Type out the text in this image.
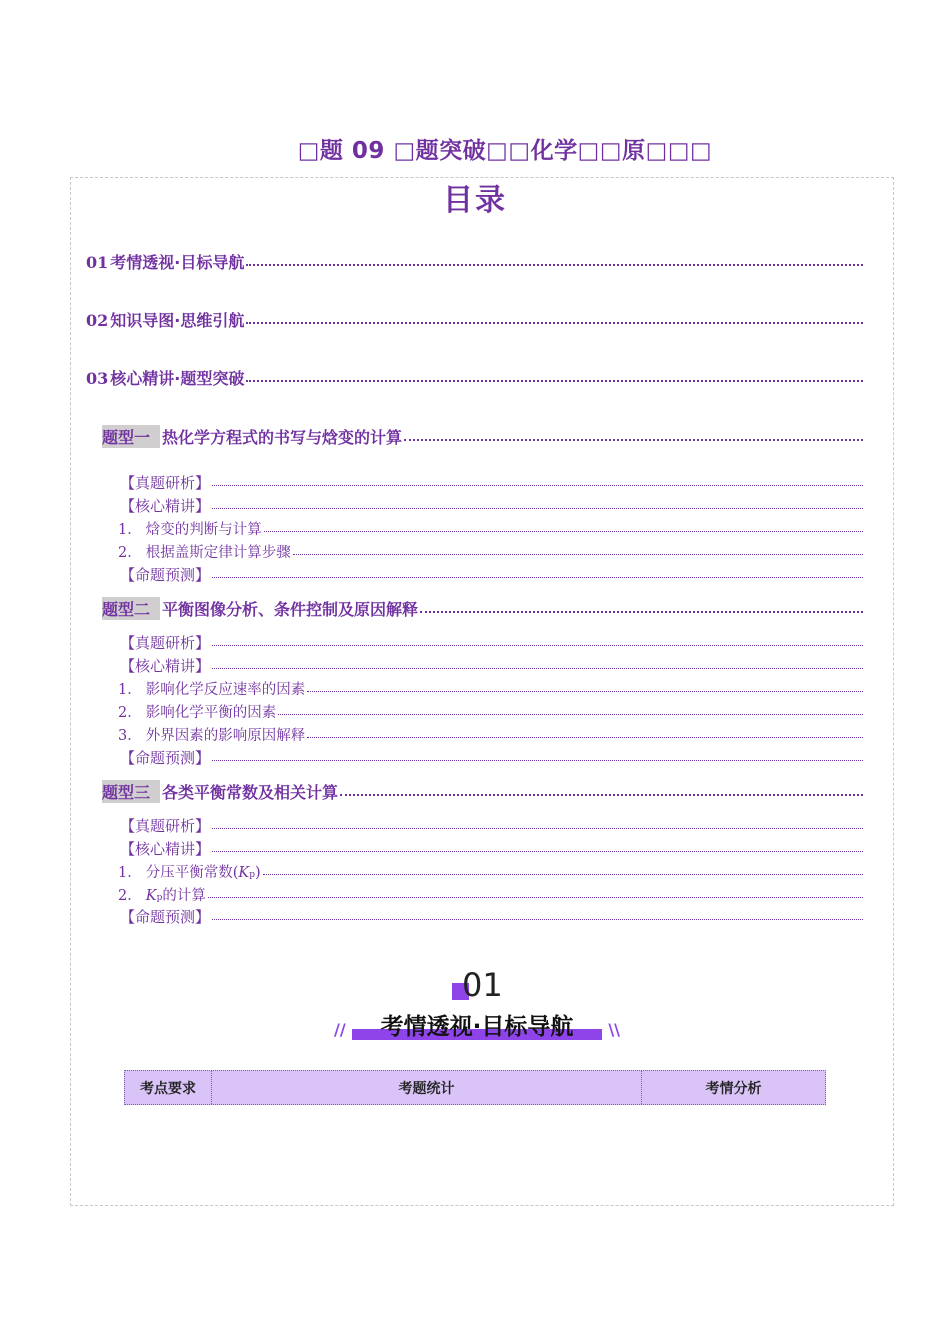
□题 09 □题突破□□化学□□原□□□
目录
01 考情透视·目标导航
02 知识导图·思维引航
03 核心精讲·题型突破
题型一 热化学方程式的书写与焓变的计算
【真题研析】
【核心精讲】
1． 焓变的判断与计算
2． 根据盖斯定律计算步骤
【命题预测】
题型二 平衡图像分析、条件控制及原因解释
【真题研析】
【核心精讲】
1． 影响化学反应速率的因素
2． 影响化学平衡的因素
3． 外界因素的影响原因解释
【命题预测】
题型三 各类平衡常数及相关计算
【真题研析】
【核心精讲】
1． 分压平衡常数( K p )
2． K p 的计算
【命题预测】
01
//	\\
考情透视·目标导航
考点要求	考题统计	考情分析
